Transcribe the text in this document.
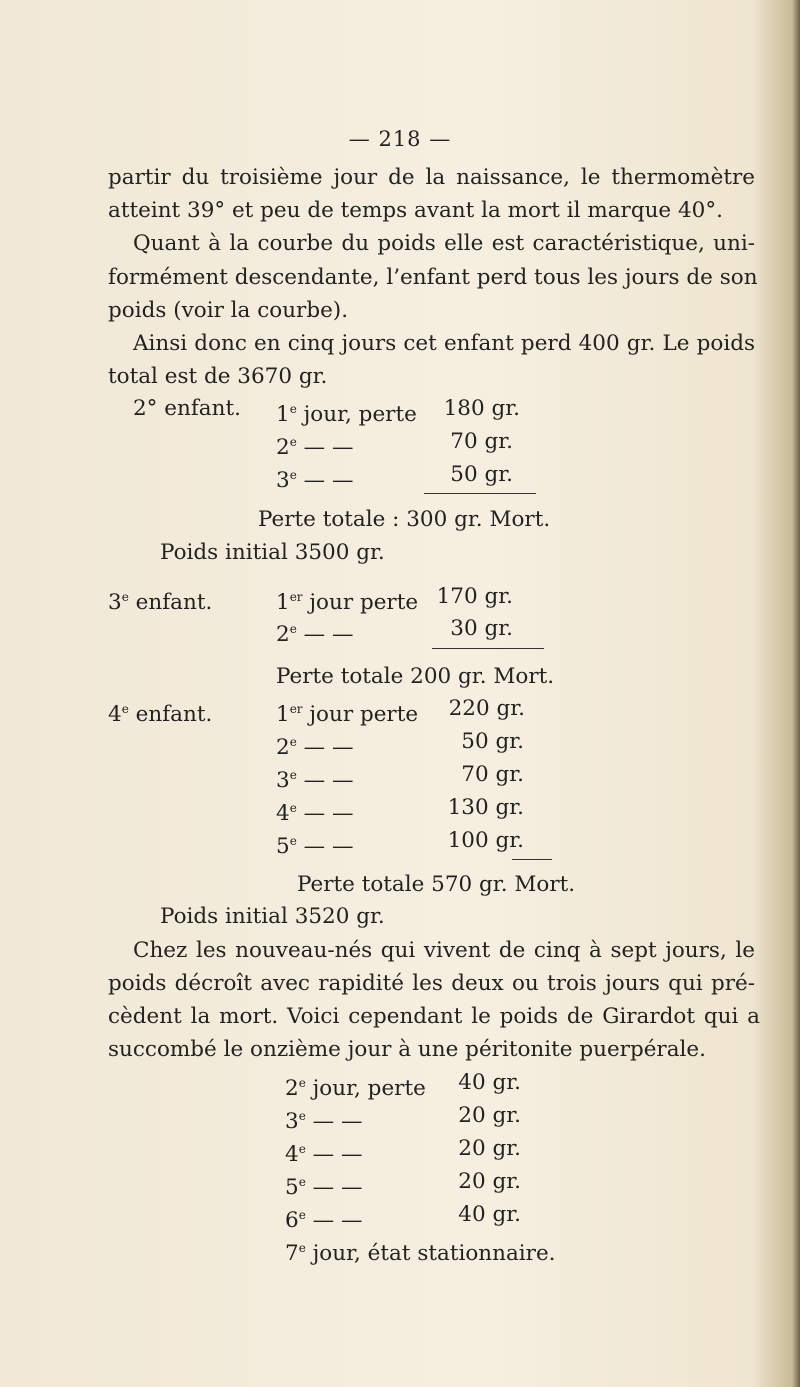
— 218 —
partir du troisième jour de la naissance, le thermomètre
atteint 39° et peu de temps avant la mort il marque 40°.
Quant à la courbe du poids elle est caractéristique, uni-
formément descendante, l’enfant perd tous les jours de son
poids (voir la courbe).
Ainsi donc en cinq jours cet enfant perd 400 gr. Le poids
total est de 3670 gr.
2° enfant. 1e jour, perte	180 gr.
2e — —	70 gr.
3e — —	50 gr.
Perte totale : 300 gr. Mort.
Poids initial 3500 gr.
3e enfant.	1er jour perte 170 gr.
2e — —	30 gr.
Perte totale 200 gr. Mort.
4e enfant.	1er jour perte	220 gr.
2e — —	50 gr.
3e — —	70 gr.
4e — —	130 gr.
5e — —	100 gr.
Perte totale 570 gr. Mort.
Poids initial 3520 gr.
Chez les nouveau-nés qui vivent de cinq à sept jours, le
poids décroît avec rapidité les deux ou trois jours qui pré-
cèdent la mort. Voici cependant le poids de Girardot qui a
succombé le onzième jour à une péritonite puerpérale.
2e jour, perte	40 gr.
3e — —	20 gr.
4e — —	20 gr.
5e — —	20 gr.
6e — —	40 gr.
7e jour, état stationnaire.
